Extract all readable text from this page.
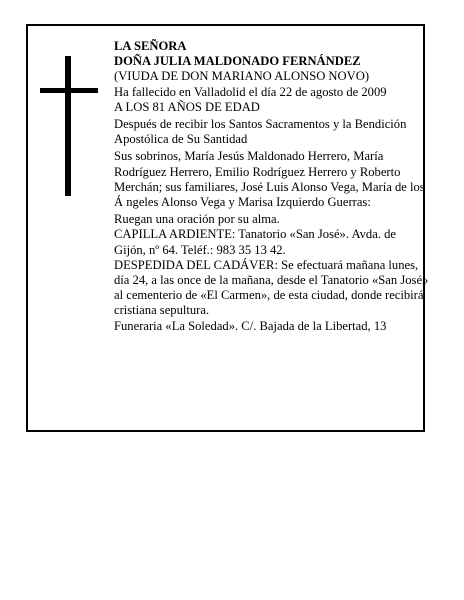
LA SEÑORA

DOÑA JULIA MALDONADO FERNÁNDEZ

(VIUDA DE DON MARIANO ALONSO NOVO)

Ha fallecido en Valladolid el día 22 de agosto de 2009

A LOS 81 AÑOS DE EDAD

Después de recibir los Santos Sacramentos y la Bendición Apostólica de Su Santidad

Sus sobrinos, María Jesús Maldonado Herrero, María Rodríguez Herrero, Emilio Rodríguez Herrero y Roberto Merchán; sus familiares, José Luis Alonso Vega, María de los Á ngeles Alonso Vega y Marisa Izquierdo Guerras:

Ruegan una oración por su alma.

CAPILLA ARDIENTE: Tanatorio «San José». Avda. de Gijón, nº 64. Teléf.: 983 35 13 42.

DESPEDIDA DEL CADÁVER: Se efectuará mañana lunes, día 24, a las once de la mañana, desde el Tanatorio «San José» al cementerio de «El Carmen», de esta ciudad, donde recibirá cristiana sepultura.

Funeraria «La Soledad». C/. Bajada de la Libertad, 13
